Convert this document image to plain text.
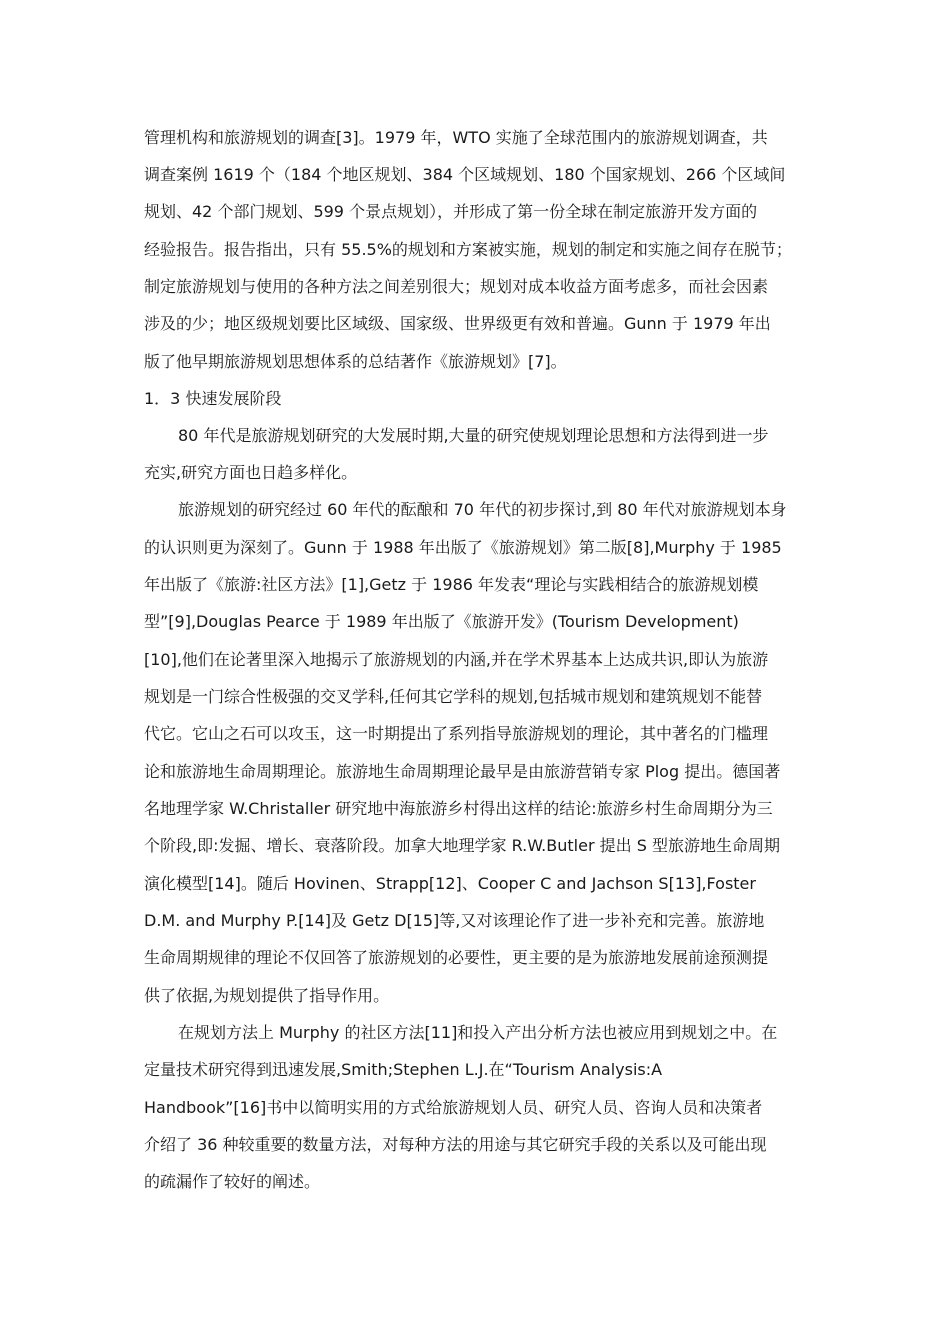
管理机构和旅游规划的调查[3]。1979 年，WTO 实施了全球范围内的旅游规划调查，共
调查案例 1619 个（184 个地区规划、384 个区域规划、180 个国家规划、266 个区域间
规划、42 个部门规划、599 个景点规划），并形成了第一份全球在制定旅游开发方面的
经验报告。报告指出，只有 55.5%的规划和方案被实施，规划的制定和实施之间存在脱节；
制定旅游规划与使用的各种方法之间差别很大；规划对成本收益方面考虑多，而社会因素
涉及的少；地区级规划要比区域级、国家级、世界级更有效和普遍。Gunn 于 1979 年出
版了他早期旅游规划思想体系的总结著作《旅游规划》[7]。
1．3 快速发展阶段
80 年代是旅游规划研究的大发展时期,大量的研究使规划理论思想和方法得到进一步
充实,研究方面也日趋多样化。
旅游规划的研究经过 60 年代的酝酿和 70 年代的初步探讨,到 80 年代对旅游规划本身
的认识则更为深刻了。Gunn 于 1988 年出版了《旅游规划》第二版[8],Murphy 于 1985
年出版了《旅游:社区方法》[1],Getz 于 1986 年发表“理论与实践相结合的旅游规划模
型”[9],Douglas Pearce 于 1989 年出版了《旅游开发》(Tourism Development)
[10],他们在论著里深入地揭示了旅游规划的内涵,并在学术界基本上达成共识,即认为旅游
规划是一门综合性极强的交叉学科,任何其它学科的规划,包括城市规划和建筑规划不能替
代它。它山之石可以攻玉，这一时期提出了系列指导旅游规划的理论，其中著名的门槛理
论和旅游地生命周期理论。旅游地生命周期理论最早是由旅游营销专家 Plog 提出。德国著
名地理学家 W.Christaller 研究地中海旅游乡村得出这样的结论:旅游乡村生命周期分为三
个阶段,即:发掘、增长、衰落阶段。加拿大地理学家 R.W.Butler 提出 S 型旅游地生命周期
演化模型[14]。随后 Hovinen、Strapp[12]、Cooper C and Jachson S[13],Foster
D.M. and Murphy P.[14]及 Getz D[15]等,又对该理论作了进一步补充和完善。旅游地
生命周期规律的理论不仅回答了旅游规划的必要性，更主要的是为旅游地发展前途预测提
供了依据,为规划提供了指导作用。
在规划方法上 Murphy 的社区方法[11]和投入产出分析方法也被应用到规划之中。在
定量技术研究得到迅速发展,Smith;Stephen L.J.在“Tourism Analysis:A
Handbook”[16]书中以简明实用的方式给旅游规划人员、研究人员、咨询人员和决策者
介绍了 36 种较重要的数量方法，对每种方法的用途与其它研究手段的关系以及可能出现
的疏漏作了较好的阐述。
